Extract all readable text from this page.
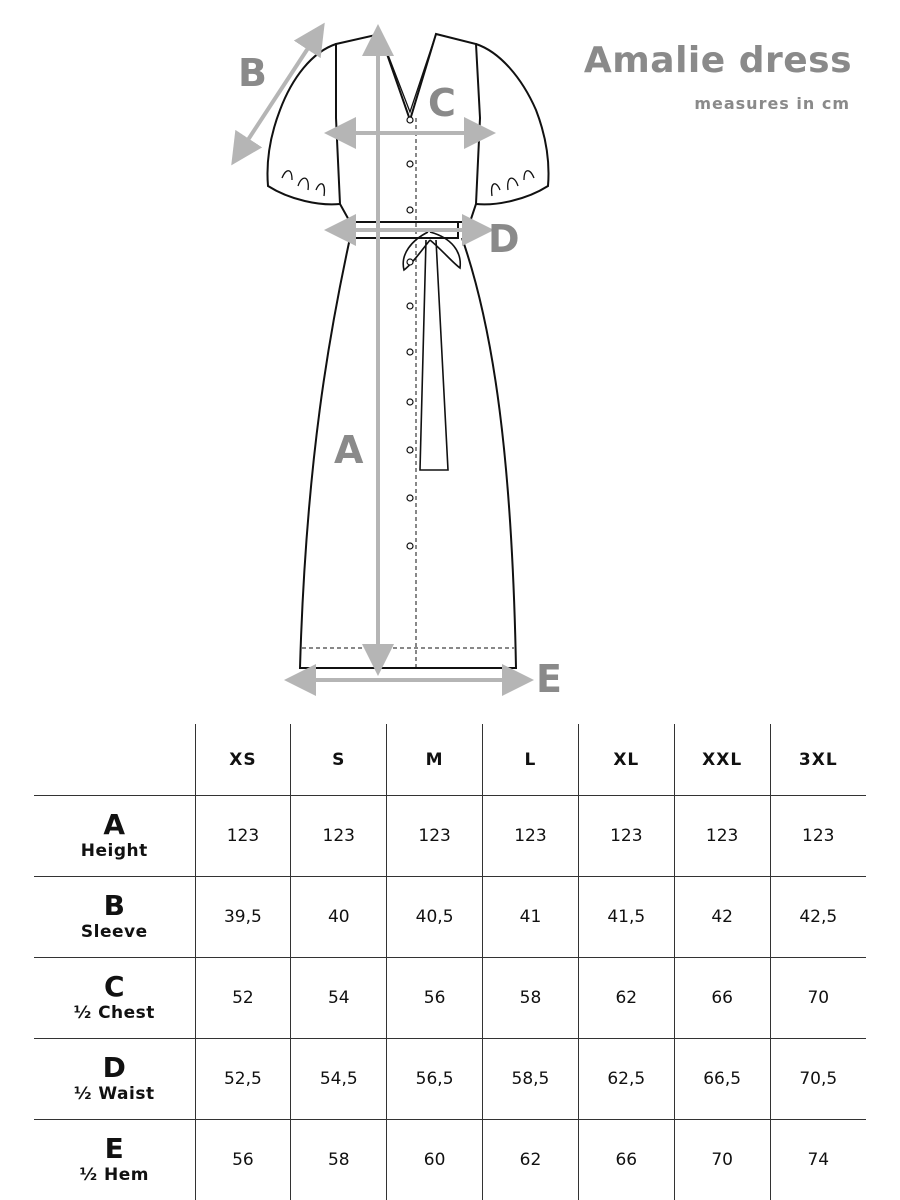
A
B
C
D
E
Amalie dress
measures in cm
	XS	S	M	L	XL	XXL	3XL

A
Height	123	123	123	123	123	123	123

B
Sleeve	39,5	40	40,5	41	41,5	42	42,5

C
½ Chest	52	54	56	58	62	66	70

D
½ Waist	52,5	54,5	56,5	58,5	62,5	66,5	70,5

E
½ Hem	56	58	60	62	66	70	74
